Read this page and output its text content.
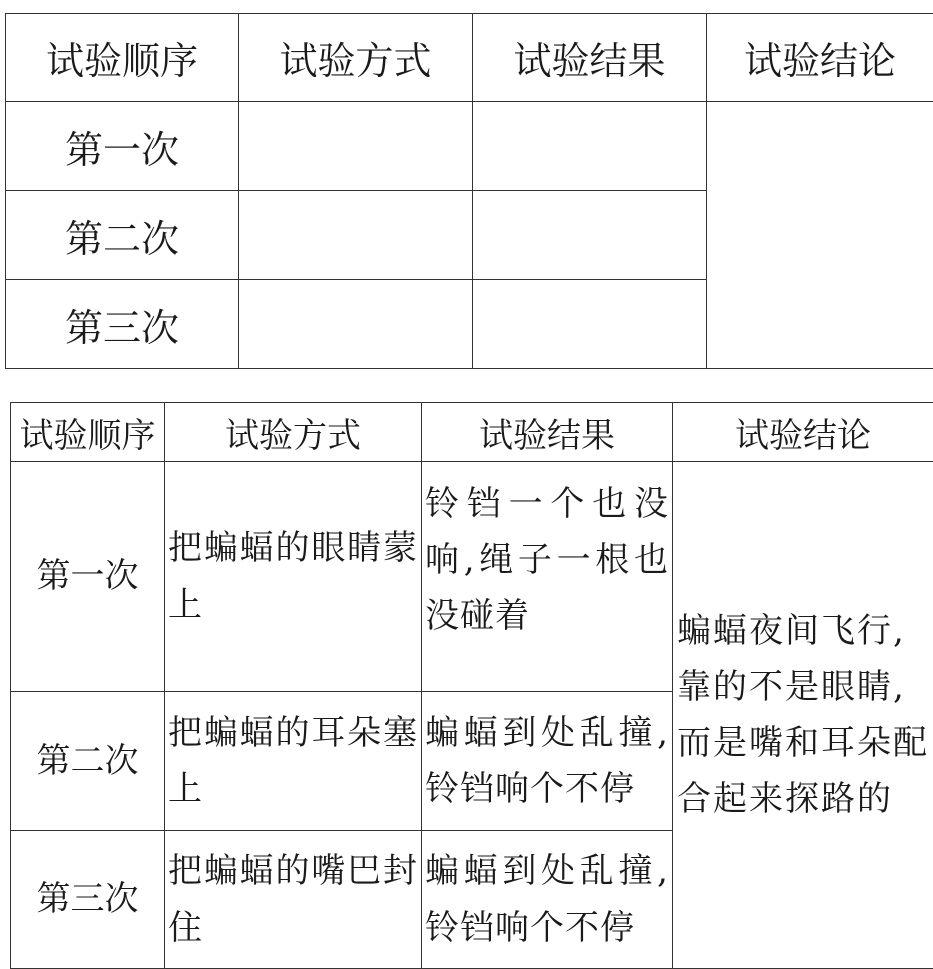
试验顺序	试验方式	试验结果	试验结论
第一次			
第二次			
第三次			
试验顺序	试验方式	试验结果	试验结论
第一次	把蝙蝠的眼睛蒙上	铃铛一个也没响,绳子一根也没碰着	蝙蝠夜间飞行,靠的不是眼睛,而是嘴和耳朵配合起来探路的
第二次	把蝙蝠的耳朵塞上	蝙蝠到处乱撞,铃铛响个不停	
第三次	把蝙蝠的嘴巴封住	蝙蝠到处乱撞,铃铛响个不停	
